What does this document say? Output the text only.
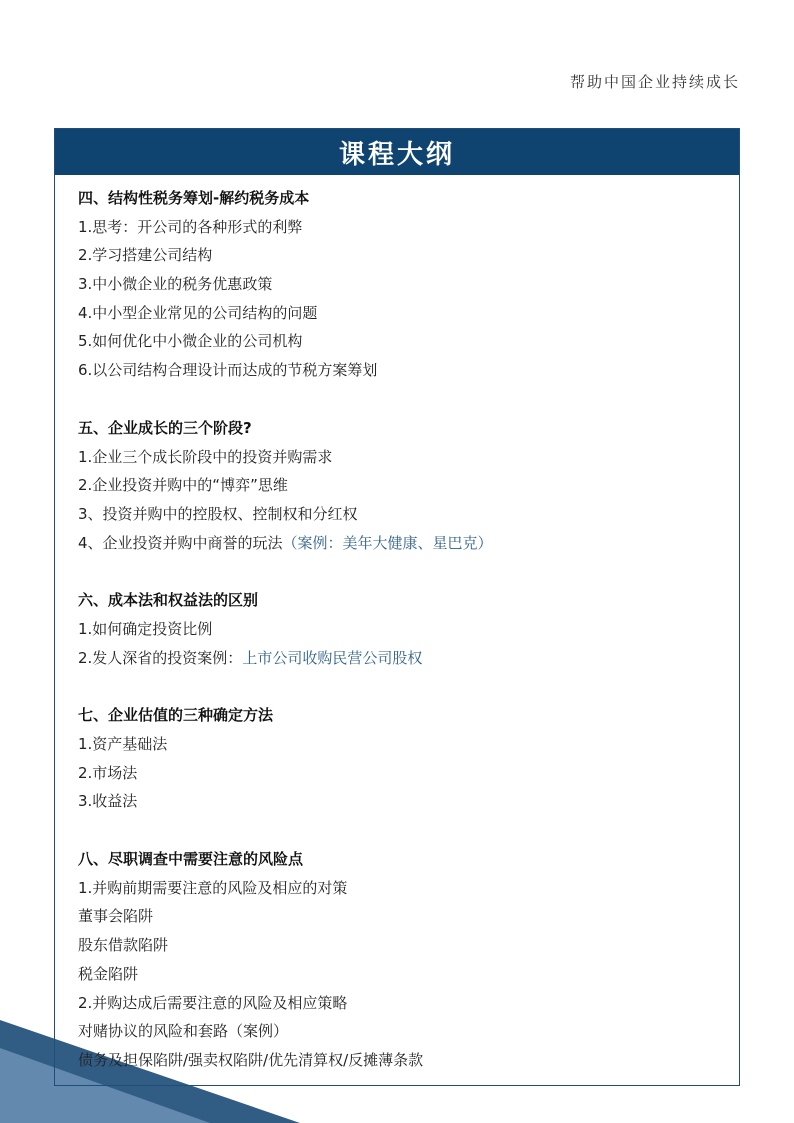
帮助中国企业持续成长
课程大纲
四、结构性税务筹划-解约税务成本
1.思考：开公司的各种形式的利弊
2.学习搭建公司结构
3.中小微企业的税务优惠政策
4.中小型企业常见的公司结构的问题
5.如何优化中小微企业的公司机构
6.以公司结构合理设计而达成的节税方案筹划
五、企业成长的三个阶段?
1.企业三个成长阶段中的投资并购需求
2.企业投资并购中的“博弈”思维
3、投资并购中的控股权、控制权和分红权
4、企业投资并购中商誉的玩法（案例：美年大健康、星巴克）
六、成本法和权益法的区别
1.如何确定投资比例
2.发人深省的投资案例：上市公司收购民营公司股权
七、企业估值的三种确定方法
1.资产基础法
2.市场法
3.收益法
八、尽职调查中需要注意的风险点
1.并购前期需要注意的风险及相应的对策
董事会陷阱
股东借款陷阱
税金陷阱
2.并购达成后需要注意的风险及相应策略
对赌协议的风险和套路（案例）
债务及担保陷阱/强卖权陷阱/优先清算权/反摊薄条款
